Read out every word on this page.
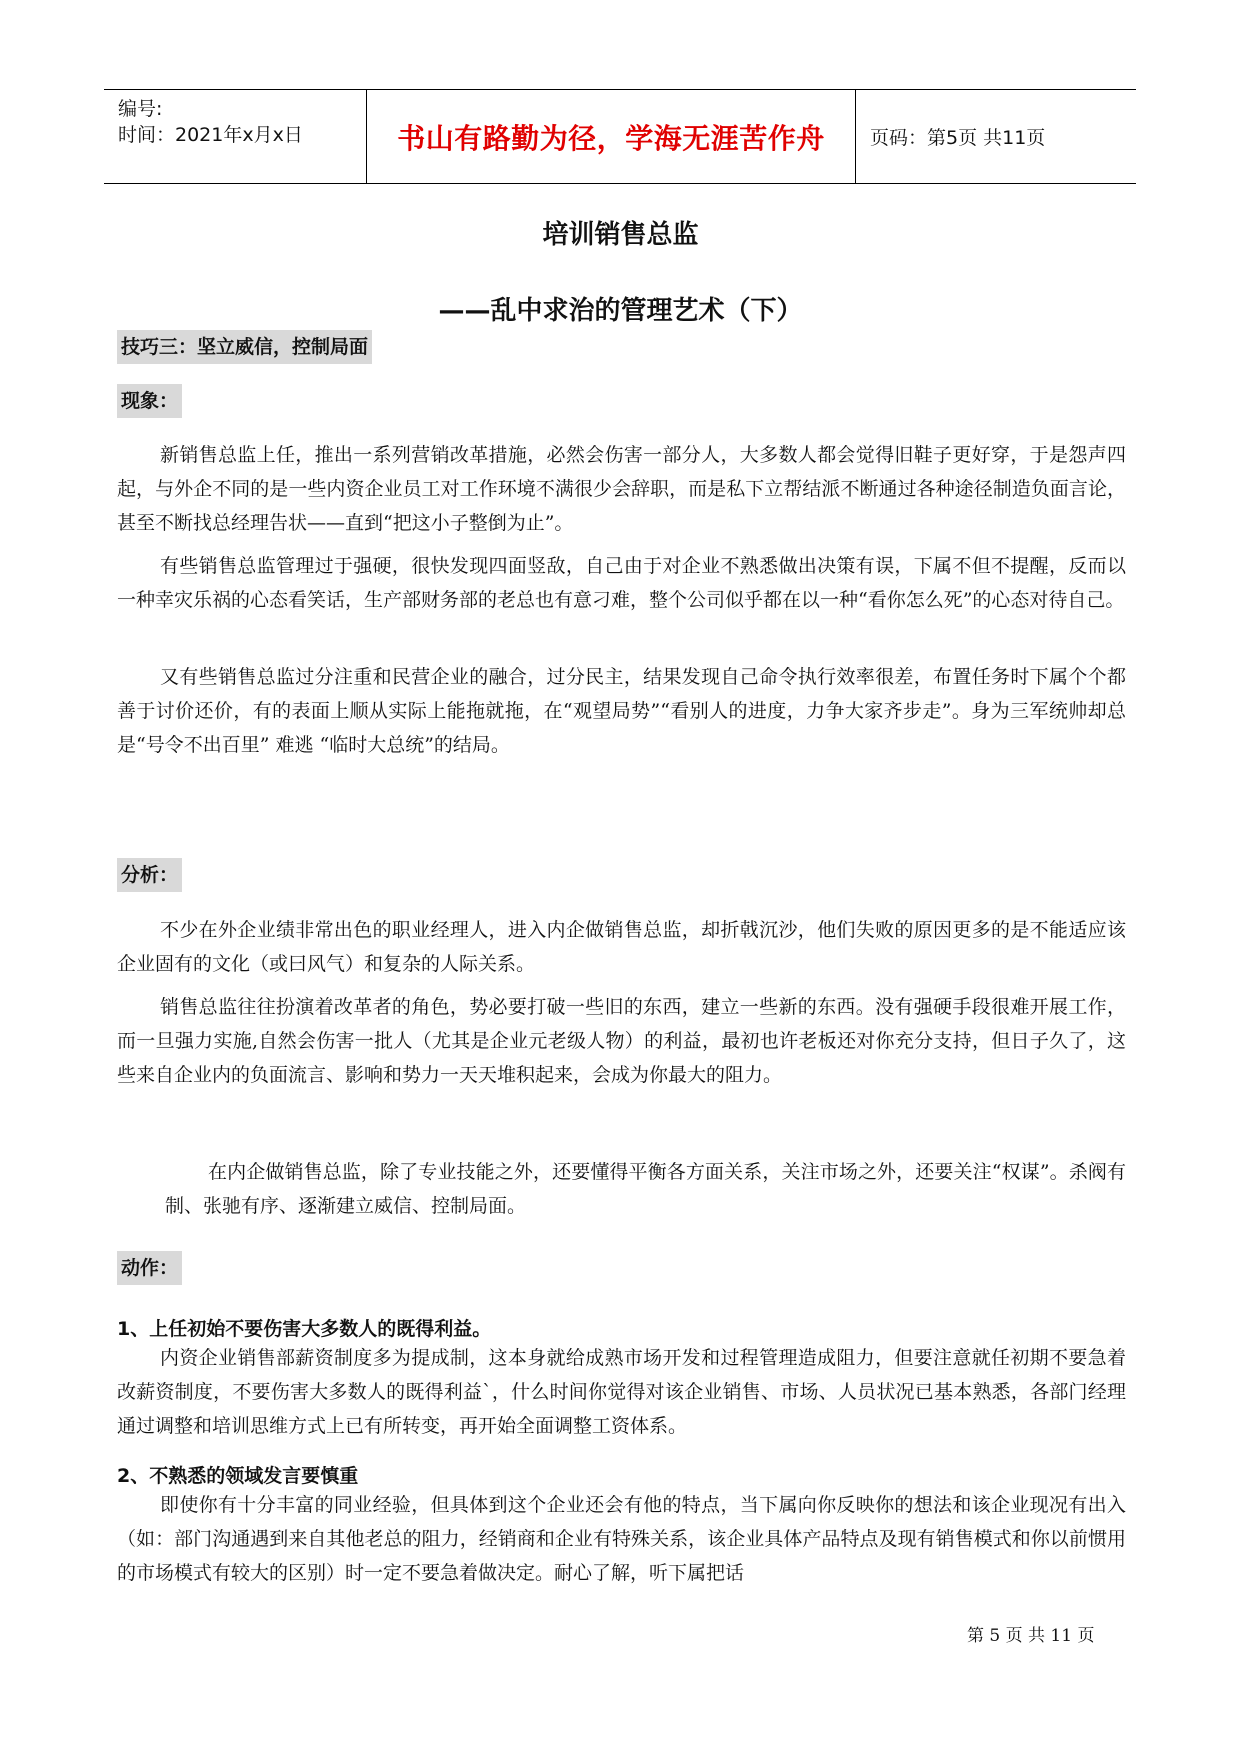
编号:
时间：2021年x月x日	书山有路勤为径，学海无涯苦作舟 页码：第5页 共11页
培训销售总监
——乱中求治的管理艺术（下）
技巧三：坚立威信，控制局面
现象：

新销售总监上任，推出一系列营销改革措施，必然会伤害一部分人，大多数人都会觉得旧鞋子更好穿，于是怨声四起，与外企不同的是一些内资企业员工对工作环境不满很少会辞职，而是私下立帮结派不断通过各种途径制造负面言论，甚至不断找总经理告状——直到“把这小子整倒为止”。

有些销售总监管理过于强硬，很快发现四面竖敌，自己由于对企业不熟悉做出决策有误，下属不但不提醒，反而以一种幸灾乐祸的心态看笑话，生产部财务部的老总也有意刁难，整个公司似乎都在以一种“看你怎么死”的心态对待自己。

又有些销售总监过分注重和民营企业的融合，过分民主，结果发现自己命令执行效率很差，布置任务时下属个个都善于讨价还价，有的表面上顺从实际上能拖就拖，在“观望局势”“看别人的进度，力争大家齐步走”。身为三军统帅却总是“号令不出百里” 难逃 “临时大总统”的结局。

分析：

不少在外企业绩非常出色的职业经理人，进入内企做销售总监，却折戟沉沙，他们失败的原因更多的是不能适应该企业固有的文化（或曰风气）和复杂的人际关系。

销售总监往往扮演着改革者的角色，势必要打破一些旧的东西，建立一些新的东西。没有强硬手段很难开展工作，而一旦强力实施,自然会伤害一批人（尤其是企业元老级人物）的利益，最初也许老板还对你充分支持，但日子久了，这些来自企业内的负面流言、影响和势力一天天堆积起来，会成为你最大的阻力。

在内企做销售总监，除了专业技能之外，还要懂得平衡各方面关系，关注市场之外，还要关注“权谋”。杀阀有制、张驰有序、逐渐建立威信、控制局面。

动作：
1、上任初始不要伤害大多数人的既得利益。

内资企业销售部薪资制度多为提成制，这本身就给成熟市场开发和过程管理造成阻力，但要注意就任初期不要急着改薪资制度，不要伤害大多数人的既得利益`，什么时间你觉得对该企业销售、市场、人员状况已基本熟悉，各部门经理通过调整和培训思维方式上已有所转变，再开始全面调整工资体系。

2、不熟悉的领域发言要慎重

即使你有十分丰富的同业经验，但具体到这个企业还会有他的特点，当下属向你反映你的想法和该企业现况有出入（如：部门沟通遇到来自其他老总的阻力，经销商和企业有特殊关系，该企业具体产品特点及现有销售模式和你以前惯用的市场模式有较大的区别）时一定不要急着做决定。耐心了解，听下属把话

第 5 页 共 11 页
